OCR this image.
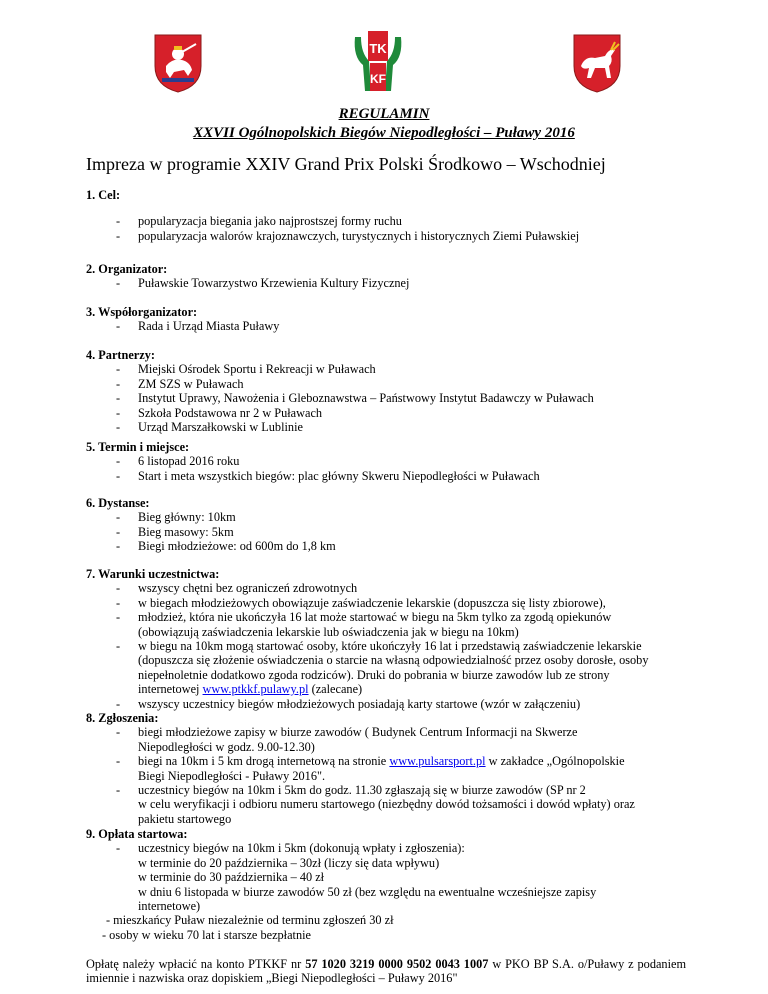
TK
KF
REGULAMIN
XXVII Ogólnopolskich Biegów Niepodległości – Puławy 2016
Impreza w programie XXIV Grand Prix Polski Środkowo – Wschodniej
1. Cel:
- popularyzacja biegania jako najprostszej formy ruchu
- popularyzacja walorów krajoznawczych, turystycznych i historycznych Ziemi Puławskiej
2. Organizator:
- Puławskie Towarzystwo Krzewienia Kultury Fizycznej
3. Współorganizator:
- Rada i Urząd Miasta Puławy
4. Partnerzy:
- Miejski Ośrodek Sportu i Rekreacji w Puławach
- ZM SZS w Puławach
- Instytut Uprawy, Nawożenia i Gleboznawstwa – Państwowy Instytut Badawczy w Puławach
- Szkoła Podstawowa nr 2 w Puławach
- Urząd Marszałkowski w Lublinie
5. Termin i miejsce:
- 6 listopad 2016 roku
- Start i meta wszystkich biegów: plac główny Skweru Niepodległości w Puławach
6. Dystanse:
- Bieg główny: 10km
- Bieg masowy: 5km
- Biegi młodzieżowe: od 600m do 1,8 km
7. Warunki uczestnictwa:
- wszyscy chętni bez ograniczeń zdrowotnych
- w biegach młodzieżowych obowiązuje zaświadczenie lekarskie (dopuszcza się listy zbiorowe),
- młodzież, która nie ukończyła 16 lat może startować w biegu na 5km tylko za zgodą opiekunów
(obowiązują zaświadczenia lekarskie lub oświadczenia jak w biegu na 10km)
- w biegu na 10km mogą startować osoby, które ukończyły 16 lat i przedstawią zaświadczenie lekarskie
(dopuszcza się złożenie oświadczenia o starcie na własną odpowiedzialność przez osoby dorosłe, osoby
niepełnoletnie dodatkowo zgoda rodziców). Druki do pobrania w biurze zawodów lub ze strony
internetowej www.ptkkf.pulawy.pl (zalecane)
- wszyscy uczestnicy biegów młodzieżowych posiadają karty startowe (wzór w załączeniu)
8. Zgłoszenia:
- biegi młodzieżowe zapisy w biurze zawodów ( Budynek Centrum Informacji na Skwerze
Niepodległości w godz. 9.00-12.30)
- biegi na 10km i 5 km drogą internetową na stronie www.pulsarsport.pl w zakładce „Ogólnopolskie
Biegi Niepodległości - Puławy 2016".
- uczestnicy biegów na 10km i 5km do godz. 11.30 zgłaszają się w biurze zawodów (SP nr 2
w celu weryfikacji i odbioru numeru startowego (niezbędny dowód tożsamości i dowód wpłaty) oraz
pakietu startowego
9. Opłata startowa:
- uczestnicy biegów na 10km i 5km (dokonują wpłaty i zgłoszenia):
w terminie do 20 października – 30zł (liczy się data wpływu)
w terminie do 30 października – 40 zł
w dniu 6 listopada w biurze zawodów 50 zł (bez względu na ewentualne wcześniejsze zapisy
internetowe)
- mieszkańcy Puław niezależnie od terminu zgłoszeń 30 zł
- osoby w wieku 70 lat i starsze bezpłatnie
Opłatę należy wpłacić na konto PTKKF nr 57 1020 3219 0000 9502 0043 1007 w PKO BP S.A. o/Puławy z podaniem imiennie i nazwiska oraz dopiskiem „Biegi Niepodległości – Puławy 2016"
